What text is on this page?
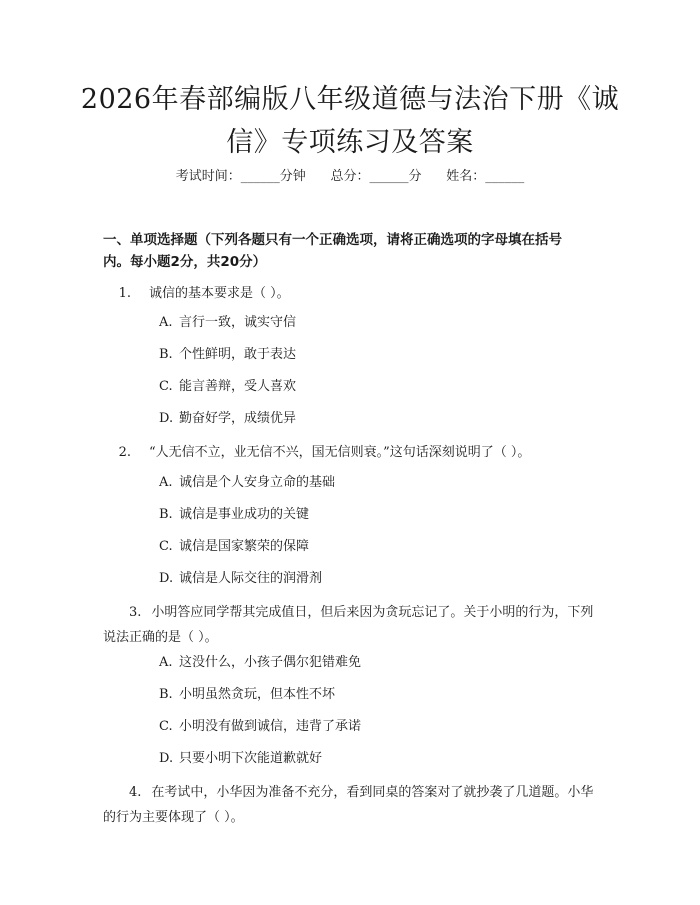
2026年春部编版八年级道德与法治下册《诚信》专项练习及答案
考试时间：______分钟      总分：______分      姓名：______
一、单项选择题（下列各题只有一个正确选项，请将正确选项的字母填在括号内。每小题2分，共20分）
1. 诚信的基本要求是（ ）。
A. 言行一致，诚实守信
B. 个性鲜明，敢于表达
C. 能言善辩，受人喜欢
D. 勤奋好学，成绩优异
2. “人无信不立，业无信不兴，国无信则衰。”这句话深刻说明了（ ）。
A. 诚信是个人安身立命的基础
B. 诚信是事业成功的关键
C. 诚信是国家繁荣的保障
D. 诚信是人际交往的润滑剂
3. 小明答应同学帮其完成值日，但后来因为贪玩忘记了。关于小明的行为，下列说法正确的是（ ）。
A. 这没什么，小孩子偶尔犯错难免
B. 小明虽然贪玩，但本性不坏
C. 小明没有做到诚信，违背了承诺
D. 只要小明下次能道歉就好
4. 在考试中，小华因为准备不充分，看到同桌的答案对了就抄袭了几道题。小华的行为主要体现了（ ）。
